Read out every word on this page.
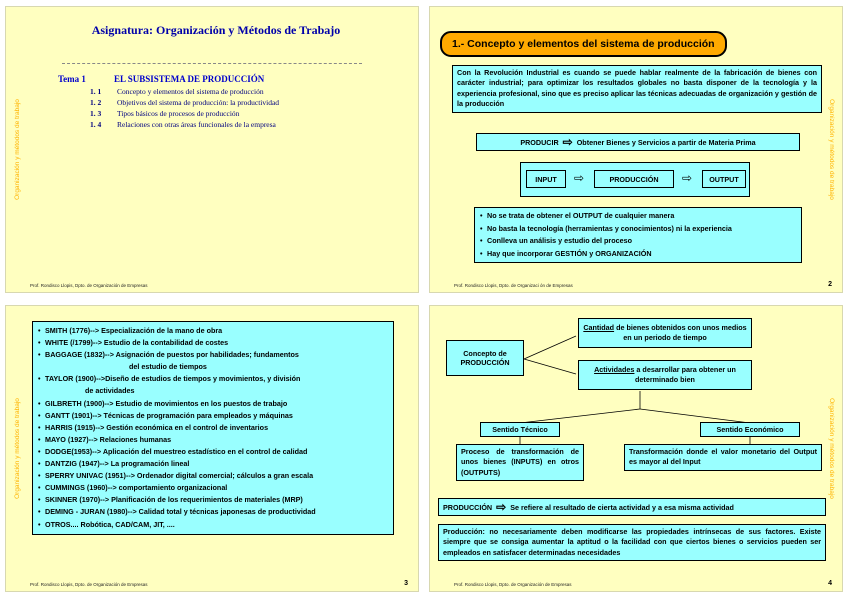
Organización y métodos de trabajo
Asignatura: Organización y Métodos de Trabajo
Tema 1	EL SUBSISTEMA DE PRODUCCIÓN
1. 1	Concepto y elementos del sistema de producción
1. 2	Objetivos del sistema de producción: la productividad
1. 3	Tipos básicos de procesos de producción
1. 4	Relaciones con otras áreas funcionales de la empresa
Prof. Rondisco Llopis, Dpto. de Organización de Empresas
Organización y métodos de trabajo
1.- Concepto y elementos del sistema de producción
Con la Revolución Industrial es cuando se puede hablar realmente de la fabricación de bienes con carácter industrial; para optimizar los resultados globales no basta disponer de la tecnología y la experiencia profesional, sino que es preciso aplicar las técnicas adecuadas de organización y gestión de la producción
PRODUCIR ⇨ Obtener Bienes y Servicios a partir de Materia Prima
INPUT	⇨	PRODUCCIÓN	⇨	OUTPUT
• No se trata de obtener el OUTPUT de cualquier manera
• No basta la tecnología (herramientas y conocimientos) ni la experiencia
• Conlleva un análisis y estudio del proceso
• Hay que incorporar GESTIÓN y ORGANIZACIÓN
Prof. Rondisco Llopis, Dpto. de Organizaci ón de Empresas	2
Organización y métodos de trabajo
• SMITH (1776)--> Especialización de la mano de obra
• WHITE (/1799)--> Estudio de la contabilidad de costes
• BAGGAGE (1832)--> Asignación de puestos por habilidades; fundamentos
del estudio de tiempos
• TAYLOR (1900)-->Diseño de estudios de tiempos y movimientos, y división
de actividades
• GILBRETH (1900)--> Estudio de movimientos en los puestos de trabajo
• GANTT (1901)--> Técnicas de programación para empleados y máquinas
• HARRIS (1915)--> Gestión económica en el control de inventarios
• MAYO (1927)--> Relaciones humanas
• DODGE(1953)--> Aplicación del muestreo estadístico en el control de calidad
• DANTZIG (1947)--> La programación lineal
• SPERRY UNIVAC (1951)--> Ordenador digital comercial; cálculos a gran escala
• CUMMINGS (1960)--> comportamiento organizacional
• SKINNER (1970)--> Planificación de los requerimientos de materiales (MRP)
• DEMING - JURAN (1980)--> Calidad total y técnicas japonesas de productividad
• OTROS.... Robótica, CAD/CAM, JIT, ....
Prof. Rondisco Llopis, Dpto. de Organización de Empresas	3
Organización y métodos de trabajo
Concepto de PRODUCCIÓN
Cantidad de bienes obtenidos con unos medios en un periodo de tiempo
Actividades a desarrollar para obtener un determinado bien
Sentido Técnico	Sentido Económico
Proceso de transformación de unos bienes (INPUTS) en otros (OUTPUTS)
Transformación donde el valor monetario del Output es mayor al del Input
PRODUCCIÓN ⇨ Se refiere al resultado de cierta actividad y a esa misma actividad
Producción: no necesariamente deben modificarse las propiedades intrínsecas de sus factores. Existe siempre que se consiga aumentar la aptitud o la facilidad con que ciertos bienes o servicios pueden ser empleados en satisfacer determinadas necesidades
Prof. Rondisco Llopis, Dpto. de Organización de Empresas	4
